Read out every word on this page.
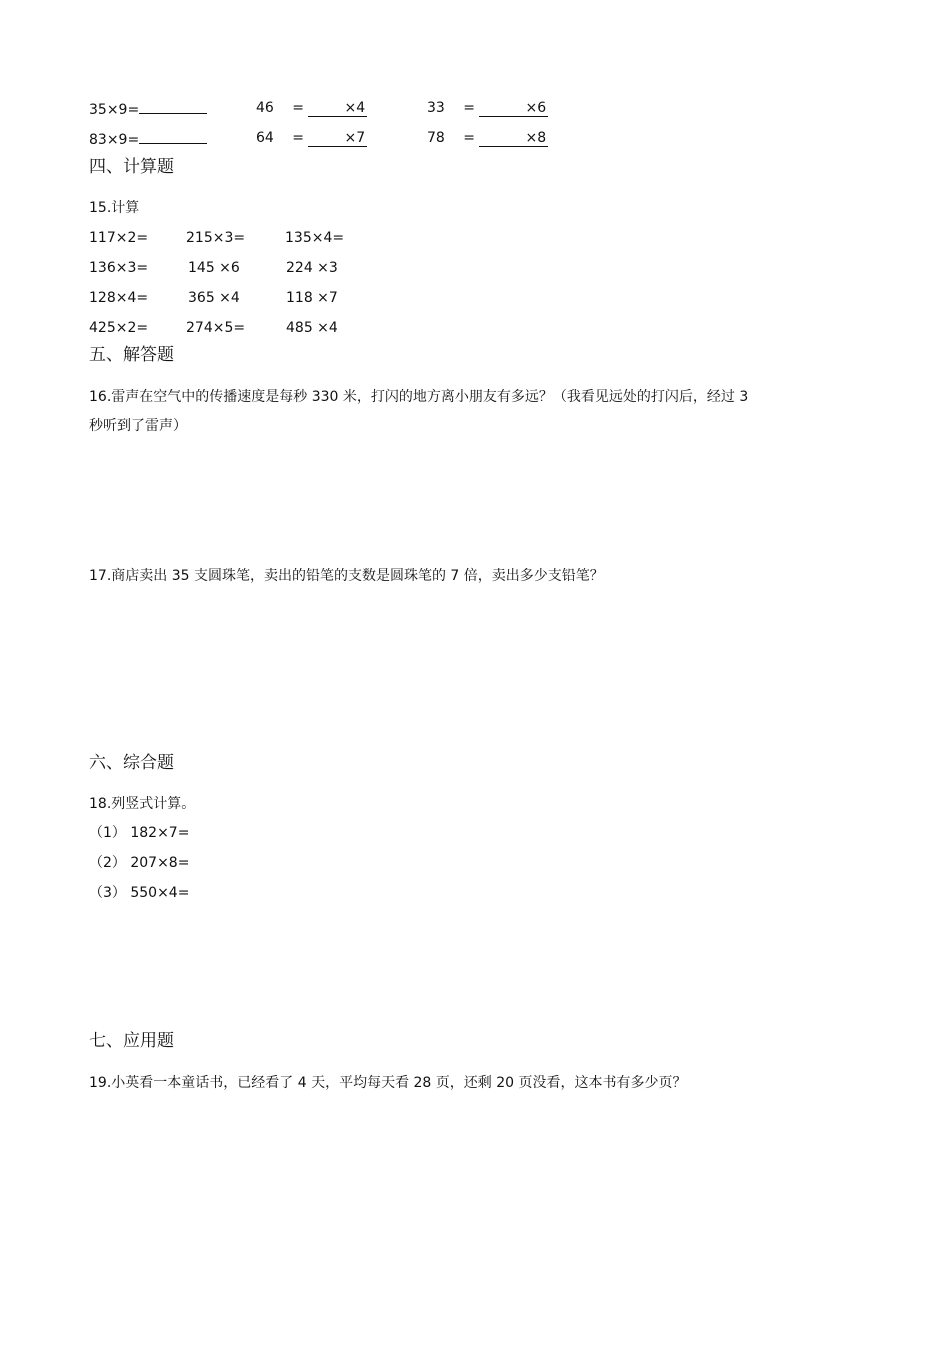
35×9=	46 =	×4	33 =	×6
83×9=	64 =	×7	78 =	×8
四、计算题
15.计算
117×2=	215×3=	135×4=
136×3=	145 ×6	224 ×3
128×4=	365 ×4	118 ×7
425×2=	274×5=	485 ×4
五、解答题
16.雷声在空气中的传播速度是每秒 330 米，打闪的地方离小朋友有多远？（我看见远处的打闪后，经过 3
秒听到了雷声）
17.商店卖出 35 支圆珠笔，卖出的铅笔的支数是圆珠笔的 7 倍，卖出多少支铅笔？
六、综合题
18.列竖式计算。
（1） 182×7=
（2） 207×8=
（3） 550×4=
七、应用题
19.小英看一本童话书，已经看了 4 天，平均每天看 28 页，还剩 20 页没看，这本书有多少页？
